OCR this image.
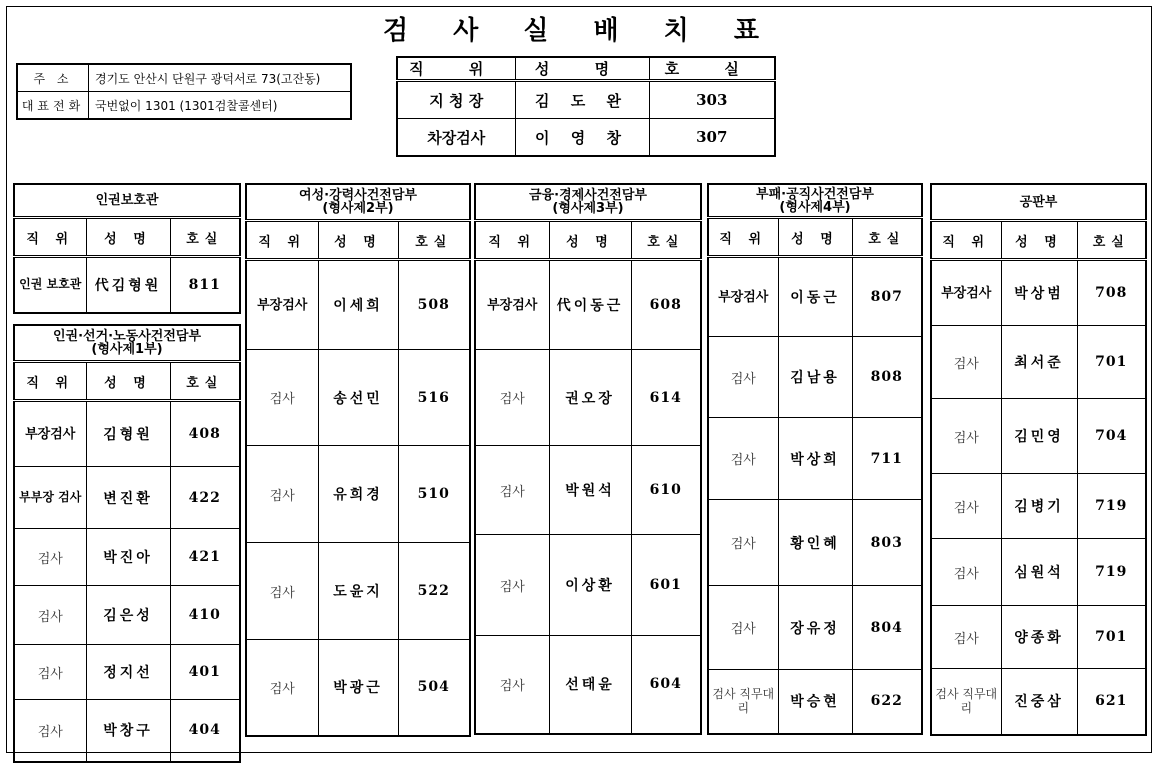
검 사 실 배 치 표
주 소	경기도 안산시 단원구 광덕서로 73(고잔동)
대표전화	국번없이 1301 (1301검찰콜센터)
직 위	성 명	호 실
지 청 장	김 도 완	303
차장검사	이 영 창	307
인권보호관		

직 위	성 명	호실
인권 보호관	代김형원	811
인권·선거·노동사건전담부
(형사제1부)		

직 위	성 명	호실
부장검사	김형원	408
부부장 검사	변진환	422
검사	박진아	421
검사	김은성	410
검사	정지선	401
검사	박창구	404
여성·강력사건전담부
(형사제2부)		

직 위	성 명	호실
부장검사	이세희	508
검사	송선민	516
검사	유희경	510
검사	도윤지	522
검사	박광근	504
금융·경제사건전담부
(형사제3부)		

직 위	성 명	호실
부장검사	代이동근	608
검사	권오장	614
검사	박원석	610
검사	이상환	601
검사	선태윤	604
부패·공직사건전담부
(형사제4부)		

직 위	성 명	호실
부장검사	이동근	807
검사	김남용	808
검사	박상희	711
검사	황인혜	803
검사	장유정	804
검사 직무대리	박승현	622
공판부		

직 위	성 명	호실
부장검사	박상범	708
검사	최서준	701
검사	김민영	704
검사	김병기	719
검사	심원석	719
검사	양종화	701
검사 직무대리	진중삼	621
